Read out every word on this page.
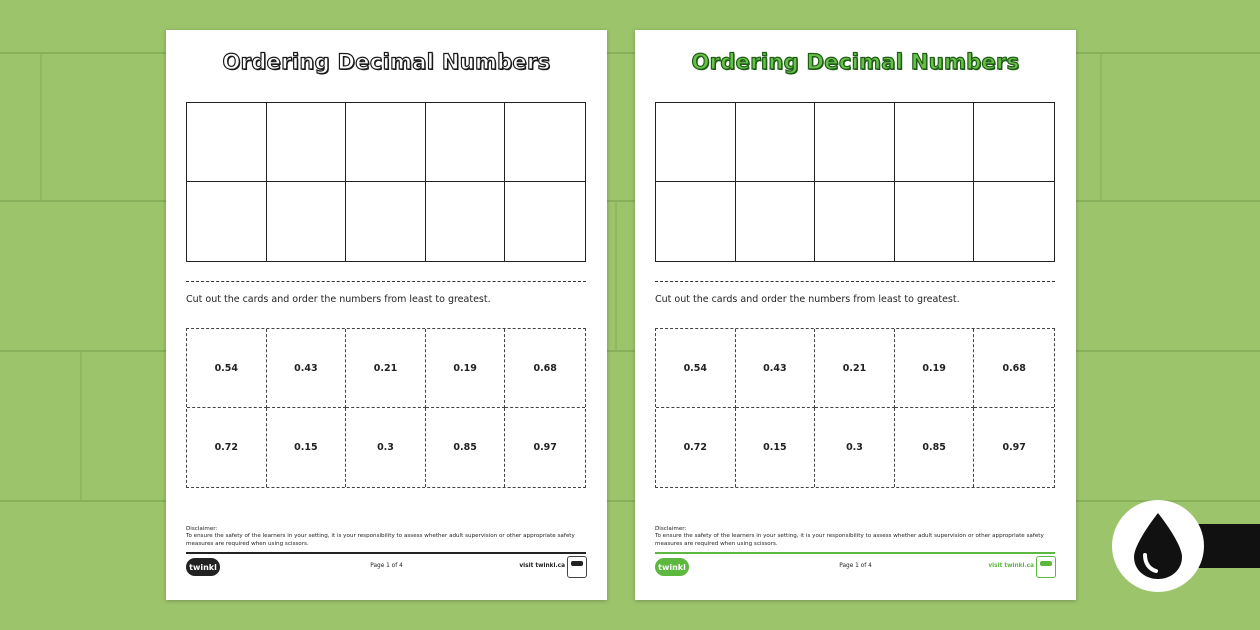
Ordering Decimal Numbers
Cut out the cards and order the numbers from least to greatest.
0.54	0.43	0.21	0.19	0.68
0.72	0.15	0.3	0.85	0.97
Disclaimer:
To ensure the safety of the learners in your setting, it is your responsibility to assess whether adult supervision or other appropriate safety measures are required when using scissors.
twinkl	Page 1 of 4	visit twinkl.ca
Ordering Decimal Numbers
Cut out the cards and order the numbers from least to greatest.
0.54	0.43	0.21	0.19	0.68
0.72	0.15	0.3	0.85	0.97
Disclaimer:
To ensure the safety of the learners in your setting, it is your responsibility to assess whether adult supervision or other appropriate safety measures are required when using scissors.
twinkl	Page 1 of 4	visit twinkl.ca
